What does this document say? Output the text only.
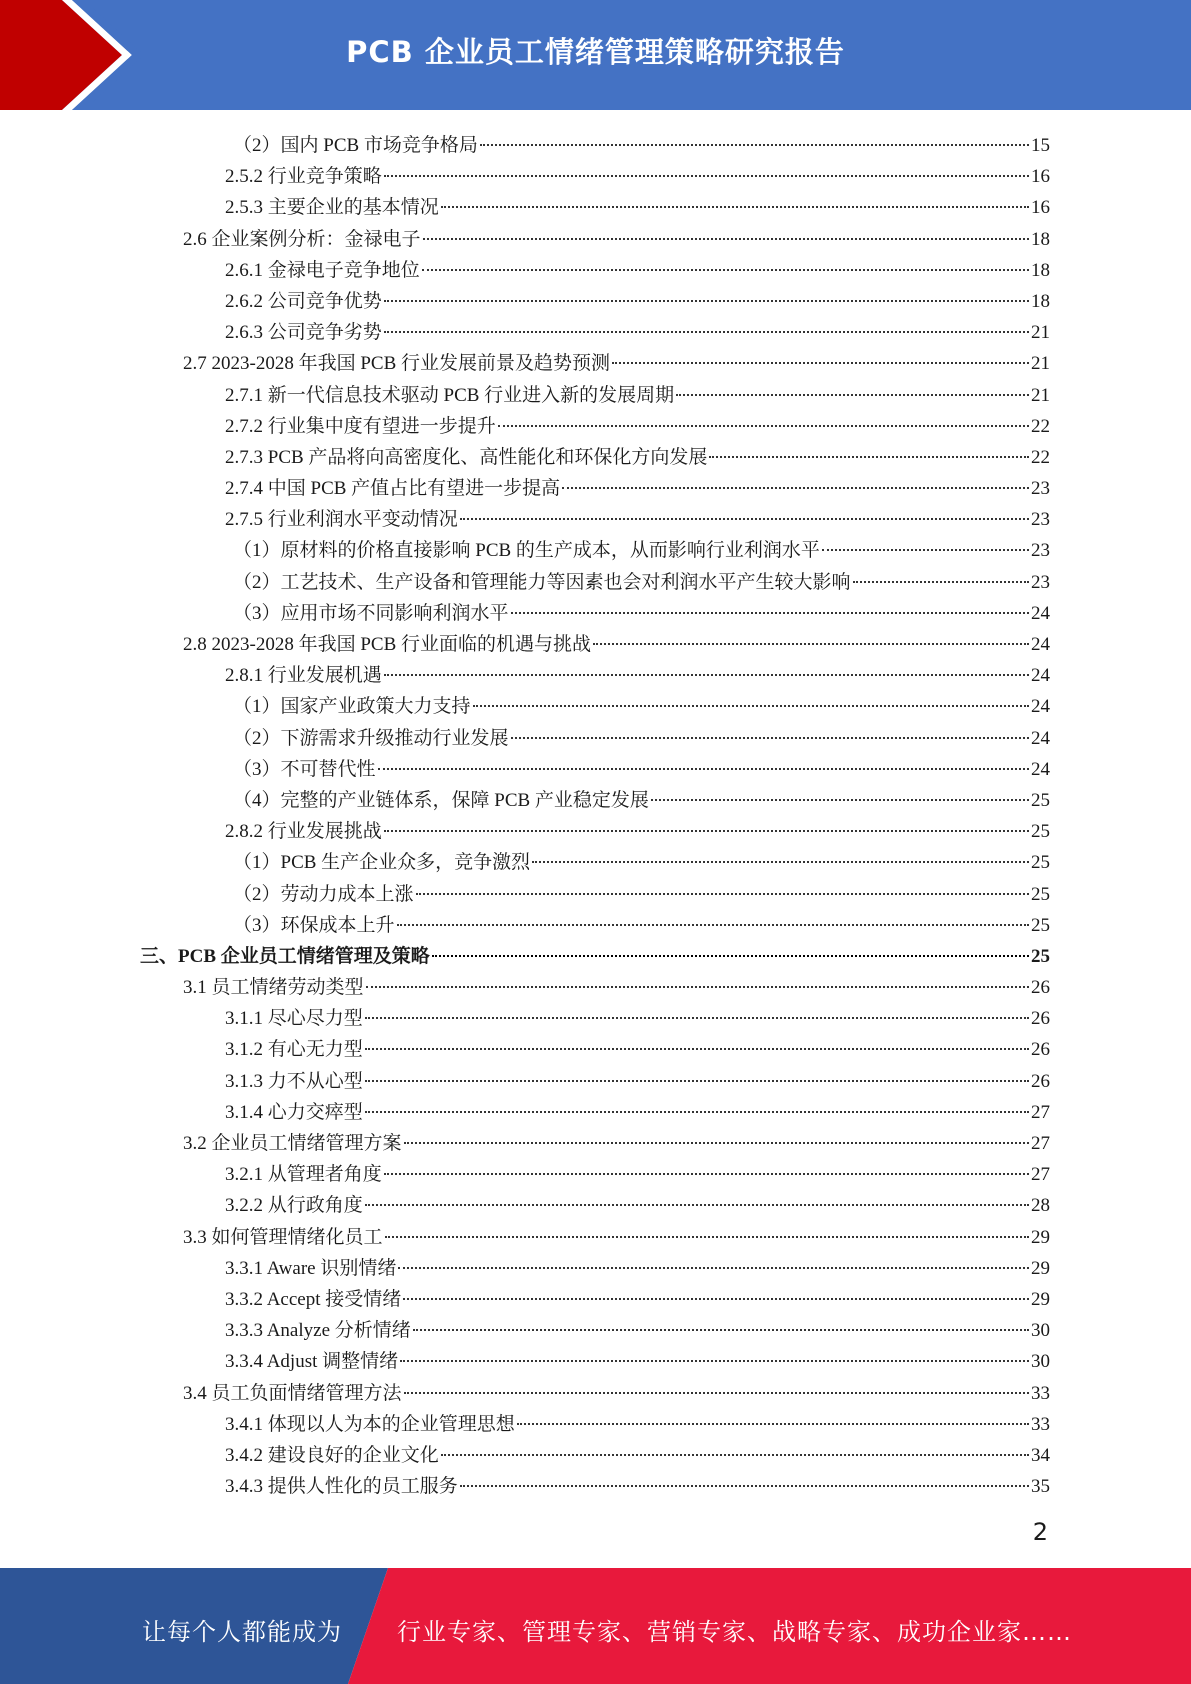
PCB 企业员工情绪管理策略研究报告
（2）国内 PCB 市场竞争格局	15
2.5.2 行业竞争策略	16
2.5.3 主要企业的基本情况	16
2.6 企业案例分析：金禄电子	18
2.6.1 金禄电子竞争地位	18
2.6.2 公司竞争优势	18
2.6.3 公司竞争劣势	21
2.7 2023-2028 年我国 PCB 行业发展前景及趋势预测	21
2.7.1 新一代信息技术驱动 PCB 行业进入新的发展周期	21
2.7.2 行业集中度有望进一步提升	22
2.7.3 PCB 产品将向高密度化、高性能化和环保化方向发展	22
2.7.4 中国 PCB 产值占比有望进一步提高	23
2.7.5 行业利润水平变动情况	23
（1）原材料的价格直接影响 PCB 的生产成本，从而影响行业利润水平	23
（2）工艺技术、生产设备和管理能力等因素也会对利润水平产生较大影响	23
（3）应用市场不同影响利润水平	24
2.8 2023-2028 年我国 PCB 行业面临的机遇与挑战	24
2.8.1 行业发展机遇	24
（1）国家产业政策大力支持	24
（2）下游需求升级推动行业发展	24
（3）不可替代性	24
（4）完整的产业链体系，保障 PCB 产业稳定发展	25
2.8.2 行业发展挑战	25
（1）PCB 生产企业众多，竞争激烈	25
（2）劳动力成本上涨	25
（3）环保成本上升	25
三、PCB 企业员工情绪管理及策略	25
3.1 员工情绪劳动类型	26
3.1.1 尽心尽力型	26
3.1.2 有心无力型	26
3.1.3 力不从心型	26
3.1.4 心力交瘁型	27
3.2 企业员工情绪管理方案	27
3.2.1 从管理者角度	27
3.2.2 从行政角度	28
3.3 如何管理情绪化员工	29
3.3.1 Aware 识别情绪	29
3.3.2 Accept 接受情绪	29
3.3.3 Analyze 分析情绪	30
3.3.4 Adjust 调整情绪	30
3.4 员工负面情绪管理方法	33
3.4.1 体现以人为本的企业管理思想	33
3.4.2 建设良好的企业文化	34
3.4.3 提供人性化的员工服务	35
2
让每个人都能成为 行业专家、管理专家、营销专家、战略专家、成功企业家……
